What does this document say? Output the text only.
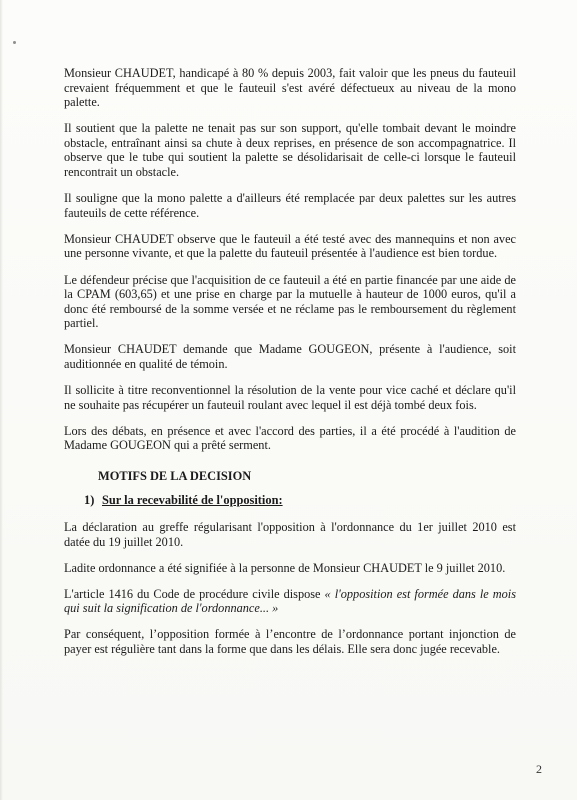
Monsieur CHAUDET, handicapé à 80 % depuis 2003, fait valoir que les pneus du fauteuil crevaient fréquemment et que le fauteuil s'est avéré défectueux au niveau de la mono palette.

Il soutient que la palette ne tenait pas sur son support, qu'elle tombait devant le moindre obstacle, entraînant ainsi sa chute à deux reprises, en présence de son accompagnatrice. Il observe que le tube qui soutient la palette se désolidarisait de celle-ci lorsque le fauteuil rencontrait un obstacle.

Il souligne que la mono palette a d'ailleurs été remplacée par deux palettes sur les autres fauteuils de cette référence.

Monsieur CHAUDET observe que le fauteuil a été testé avec des mannequins et non avec une personne vivante, et que la palette du fauteuil présentée à l'audience est bien tordue.

Le défendeur précise que l'acquisition de ce fauteuil a été en partie financée par une aide de la CPAM (603,65) et une prise en charge par la mutuelle à hauteur de 1000 euros, qu'il a donc été remboursé de la somme versée et ne réclame pas le remboursement du règlement partiel.

Monsieur CHAUDET demande que Madame GOUGEON, présente à l'audience, soit auditionnée en qualité de témoin.

Il sollicite à titre reconventionnel la résolution de la vente pour vice caché et déclare qu'il ne souhaite pas récupérer un fauteuil roulant avec lequel il est déjà tombé deux fois.

Lors des débats, en présence et avec l'accord des parties, il a été procédé à l'audition de Madame GOUGEON qui a prêté serment.

MOTIFS DE LA DECISION
1) Sur la recevabilité de l'opposition:

La déclaration au greffe régularisant l'opposition à l'ordonnance du 1er juillet 2010 est datée du 19 juillet 2010.

Ladite ordonnance a été signifiée à la personne de Monsieur CHAUDET le 9 juillet 2010.

L'article 1416 du Code de procédure civile dispose « l'opposition est formée dans le mois qui suit la signification de l'ordonnance... »

Par conséquent, l’opposition formée à l’encontre de l’ordonnance portant injonction de payer est régulière tant dans la forme que dans les délais. Elle sera donc jugée recevable.

2
